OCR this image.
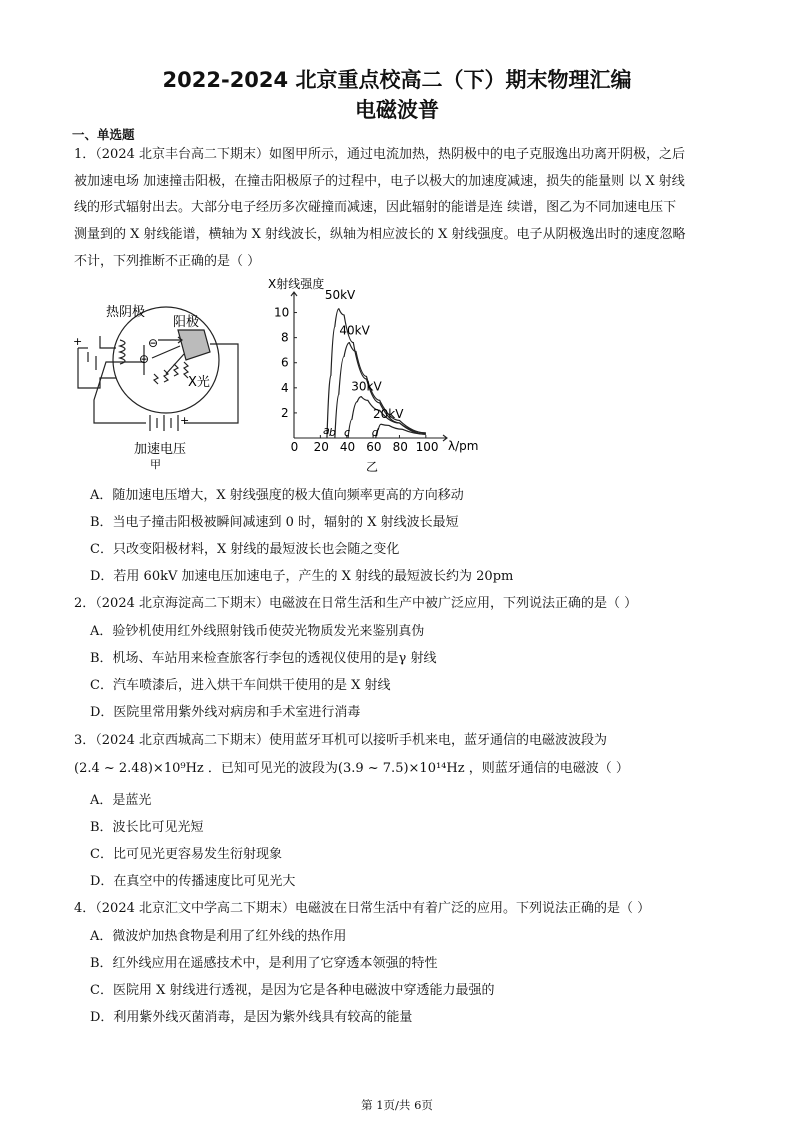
2022-2024 北京重点校高二（下）期末物理汇编
电磁波普
一、单选题
1．（2024 北京丰台高二下期末）如图甲所示，通过电流加热，热阴极中的电子克服逸出功离开阴极，之后
被加速电场 加速撞击阳极，在撞击阳极原子的过程中，电子以极大的加速度减速，损失的能量则 以 X 射线
线的形式辐射出去。大部分电子经历多次碰撞而减速，因此辐射的能谱是连 续谱，图乙为不同加速电压下
测量到的 X 射线能谱，横轴为 X 射线波长，纵轴为相应波长的 X 射线强度。电子从阴极逸出时的速度忽略
不计，下列推断不正确的是（ ）
热阴极
阳极
X光
加速电压
甲
+
+
⊖
⊖
0 20 40 60 80 100
2
4
6
8
10
50kV
a
40kV
b
30kV
c
20kV
d
X射线强度
λ/pm
乙
A．随加速电压增大，X 射线强度的极大值向频率更高的方向移动
B．当电子撞击阳极被瞬间减速到 0 时，辐射的 X 射线波长最短
C．只改变阳极材料，X 射线的最短波长也会随之变化
D．若用 60kV 加速电压加速电子，产生的 X 射线的最短波长约为 20pm
2．（2024 北京海淀高二下期末）电磁波在日常生活和生产中被广泛应用，下列说法正确的是（ ）
A．验钞机使用红外线照射钱币使荧光物质发光来鉴别真伪
B．机场、车站用来检查旅客行李包的透视仪使用的是γ 射线
C．汽车喷漆后，进入烘干车间烘干使用的是 X 射线
D．医院里常用紫外线对病房和手术室进行消毒
3．（2024 北京西城高二下期末）使用蓝牙耳机可以接听手机来电，蓝牙通信的电磁波波段为
(2.4 ~ 2.48)×10⁹Hz ．已知可见光的波段为(3.9 ~ 7.5)×10¹⁴Hz ，则蓝牙通信的电磁波（ ）
A．是蓝光
B．波长比可见光短
C．比可见光更容易发生衍射现象
D．在真空中的传播速度比可见光大
4．（2024 北京汇文中学高二下期末）电磁波在日常生活中有着广泛的应用。下列说法正确的是（ ）
A．微波炉加热食物是利用了红外线的热作用
B．红外线应用在遥感技术中，是利用了它穿透本领强的特性
C．医院用 X 射线进行透视，是因为它是各种电磁波中穿透能力最强的
D．利用紫外线灭菌消毒，是因为紫外线具有较高的能量
第 1页/共 6页
